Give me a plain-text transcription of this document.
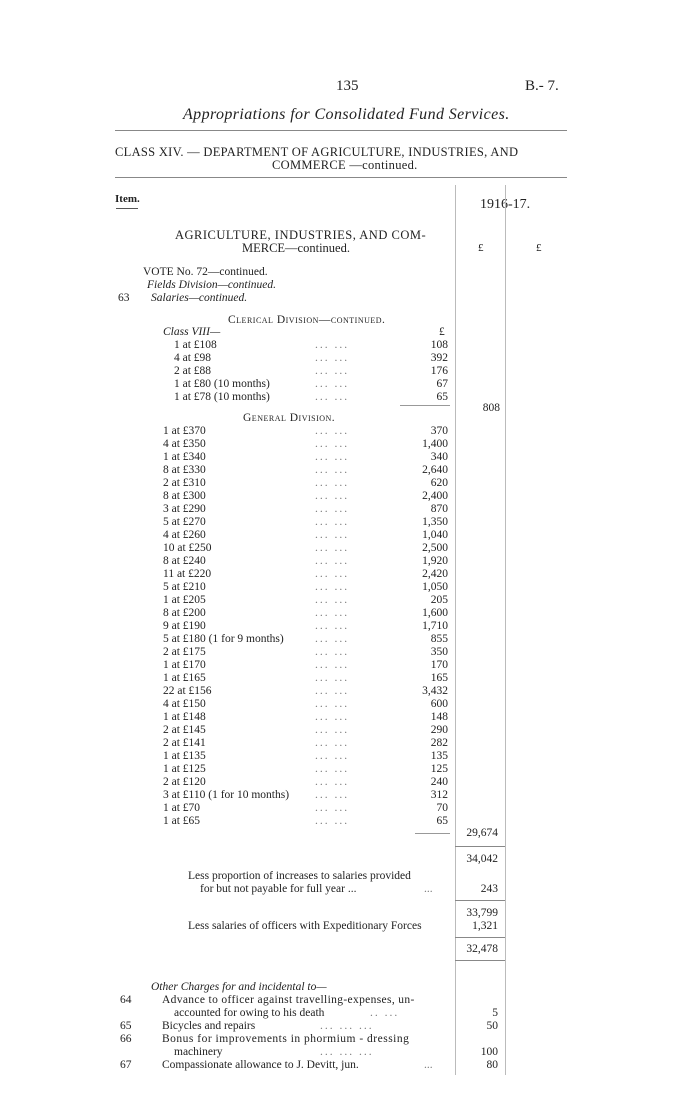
135	B.- 7.
Appropriations for Consolidated Fund Services.
CLASS XIV. — DEPARTMENT OF AGRICULTURE, INDUSTRIES, AND
COMMERCE —continued.
Item.	1916-17.
AGRICULTURE, INDUSTRIES, AND COM-
MERCE—continued.	£	£
VOTE No. 72—continued.
Fields Division—continued.
63 Salaries—continued.
Clerical Division—continued.
Class VIII—	£
1 at £108	... ...	108
4 at £98	... ...	392
2 at £88	... ...	176
1 at £80 (10 months)	... ...	67
1 at £78 (10 months)	... ...	65
808
General Division.
1 at £370	... ...	370
4 at £350	... ...	1,400
1 at £340	... ...	340
8 at £330	... ...	2,640
2 at £310	... ...	620
8 at £300	... ...	2,400
3 at £290	... ...	870
5 at £270	... ...	1,350
4 at £260	... ...	1,040
10 at £250	... ...	2,500
8 at £240	... ...	1,920
11 at £220	... ...	2,420
5 at £210	... ...	1,050
1 at £205	... ...	205
8 at £200	... ...	1,600
9 at £190	... ...	1,710
5 at £180 (1 for 9 months)	... ...	855
2 at £175	... ...	350
1 at £170	... ...	170
1 at £165	... ...	165
22 at £156	... ...	3,432
4 at £150	... ...	600
1 at £148	... ...	148
2 at £145	... ...	290
2 at £141	... ...	282
1 at £135	... ...	135
1 at £125	... ...	125
2 at £120	... ...	240
3 at £110 (1 for 10 months) ... ...	312
1 at £70	... ...	70
1 at £65	... ...	65
29,674
34,042
Less proportion of increases to salaries provided
for but not payable for full year ...	...	243
33,799
Less salaries of officers with Expeditionary Forces	1,321
32,478
Other Charges for and incidental to—
64	Advance to officer against travelling-expenses, un-
accounted for owing to his death	.. ...	5
65	Bicycles and repairs	... ... ...	50
66	Bonus for improvements in phormium - dressing
machinery	... ... ...	100
67	Compassionate allowance to J. Devitt, jun.	...	80
